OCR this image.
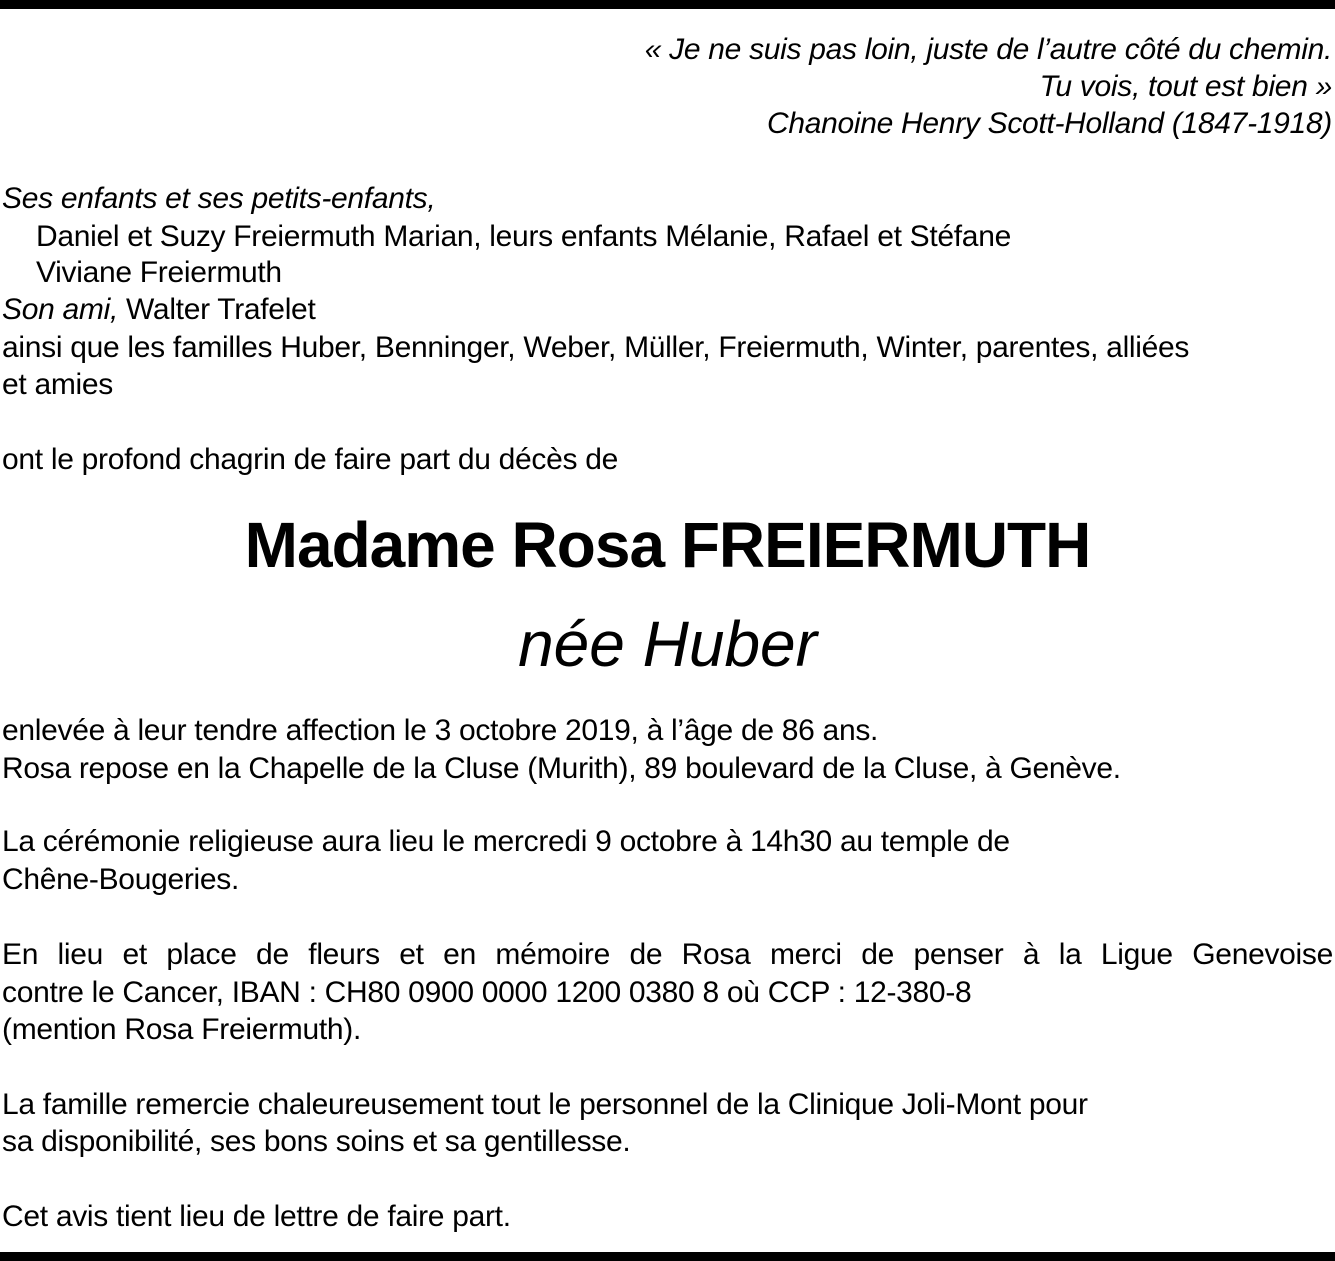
« Je ne suis pas loin, juste de l’autre côté du chemin.
Tu vois, tout est bien »
Chanoine Henry Scott-Holland (1847-1918)
Ses enfants et ses petits-enfants,
Daniel et Suzy Freiermuth Marian, leurs enfants Mélanie, Rafael et Stéfane
Viviane Freiermuth
Son ami, Walter Trafelet
ainsi que les familles Huber, Benninger, Weber, Müller, Freiermuth, Winter, parentes, alliées
et amies
ont le profond chagrin de faire part du décès de
Madame Rosa FREIERMUTH
née Huber
enlevée à leur tendre affection le 3 octobre 2019, à l’âge de 86 ans.
Rosa repose en la Chapelle de la Cluse (Murith), 89 boulevard de la Cluse, à Genève.
La cérémonie religieuse aura lieu le mercredi 9 octobre à 14h30 au temple de
Chêne-Bougeries.
En lieu et place de fleurs et en mémoire de Rosa merci de penser à la Ligue Genevoise
contre le Cancer, IBAN : CH80 0900 0000 1200 0380 8 où CCP : 12-380-8
(mention Rosa Freiermuth).
La famille remercie chaleureusement tout le personnel de la Clinique Joli-Mont pour
sa disponibilité, ses bons soins et sa gentillesse.
Cet avis tient lieu de lettre de faire part.
